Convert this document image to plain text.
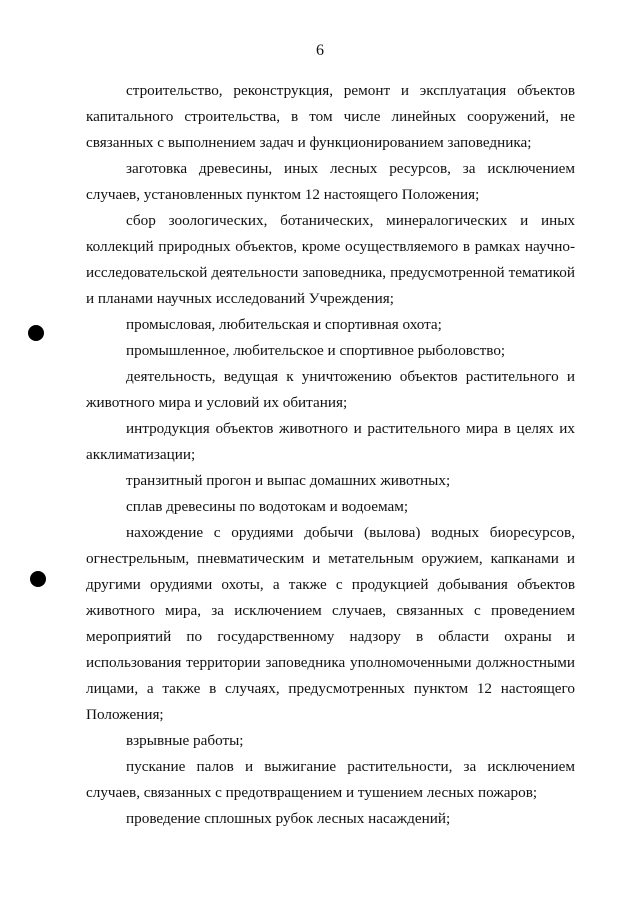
6
строительство, реконструкция, ремонт и эксплуатация объектов
капитального строительства, в том числе линейных сооружений, не
связанных с выполнением задач и функционированием заповедника;
заготовка древесины, иных лесных ресурсов, за исключением
случаев, установленных пунктом 12 настоящего Положения;
сбор зоологических, ботанических, минералогических и иных
коллекций природных объектов, кроме осуществляемого в рамках научно-
исследовательской деятельности заповедника, предусмотренной тематикой
и планами научных исследований Учреждения;
промысловая, любительская и спортивная охота;
промышленное, любительское и спортивное рыболовство;
деятельность, ведущая к уничтожению объектов растительного и
животного мира и условий их обитания;
интродукция объектов животного и растительного мира в целях их
акклиматизации;
транзитный прогон и выпас домашних животных;
сплав древесины по водотокам и водоемам;
нахождение с орудиями добычи (вылова) водных биоресурсов,
огнестрельным, пневматическим и метательным оружием, капканами и
другими орудиями охоты, а также с продукцией добывания объектов
животного мира, за исключением случаев, связанных с проведением
мероприятий по государственному надзору в области охраны и
использования территории заповедника уполномоченными должностными
лицами, а также в случаях, предусмотренных пунктом 12 настоящего
Положения;
взрывные работы;
пускание палов и выжигание растительности, за исключением
случаев, связанных с предотвращением и тушением лесных пожаров;
проведение сплошных рубок лесных насаждений;
